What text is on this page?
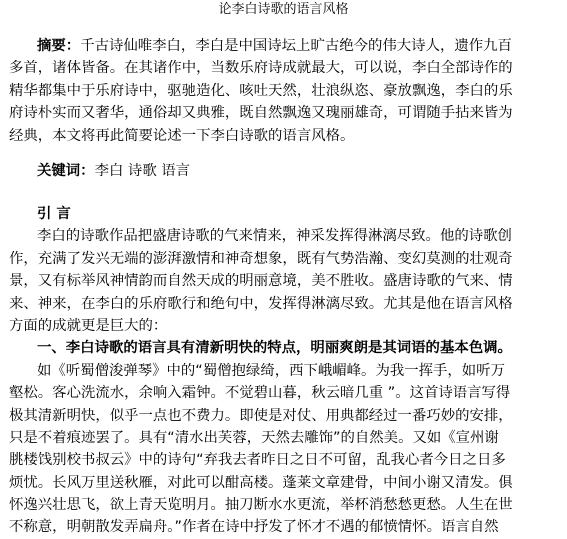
论李白诗歌的语言风格
摘要：千古诗仙唯李白，李白是中国诗坛上旷古绝今的伟大诗人，遗作九百
多首，诸体皆备。在其诸作中，当数乐府诗成就最大，可以说，李白全部诗作的
精华都集中于乐府诗中，驱驰造化、咳吐天然，壮浪纵恣、豪放飘逸，李白的乐
府诗朴实而又奢华，通俗却又典雅，既自然飘逸又瑰丽雄奇，可谓随手拈来皆为
经典，本文将再此简要论述一下李白诗歌的语言风格。
关键词：李白 诗歌 语言
引 言
李白的诗歌作品把盛唐诗歌的气来情来，神采发挥得淋漓尽致。他的诗歌创
作，充满了发兴无端的澎湃激情和神奇想象，既有气势浩瀚、变幻莫测的壮观奇
景，又有标举风神情韵而自然天成的明丽意境，美不胜收。盛唐诗歌的气来、情
来、神来，在李白的乐府歌行和绝句中，发挥得淋漓尽致。尤其是他在语言风格
方面的成就更是巨大的：
一、李白诗歌的语言具有清新明快的特点，明丽爽朗是其词语的基本色调。
如《听蜀僧浚弹琴》中的“蜀僧抱绿绮，西下峨嵋峰。为我一挥手，如听万
壑松。客心洗流水，余响入霜钟。不觉碧山暮，秋云暗几重 ”。这首诗语言写得
极其清新明快，似乎一点也不费力。即使是对仗、用典都经过一番巧妙的安排，
只是不着痕迹罢了。具有“清水出芙蓉，天然去雕饰”的自然美。又如《宣州谢
朓楼饯别校书叔云》中的诗句“弃我去者昨日之日不可留，乱我心者今日之日多
烦忧。长风万里送秋雁，对此可以酣高楼。蓬莱文章建骨，中间小谢又清发。俱
怀逸兴壮思飞，欲上青天览明月。抽刀断水水更流，举杯消愁愁更愁。人生在世
不称意，明朝散发弄扁舟。”作者在诗中抒发了怀才不遇的郁愤情怀。语言自然
